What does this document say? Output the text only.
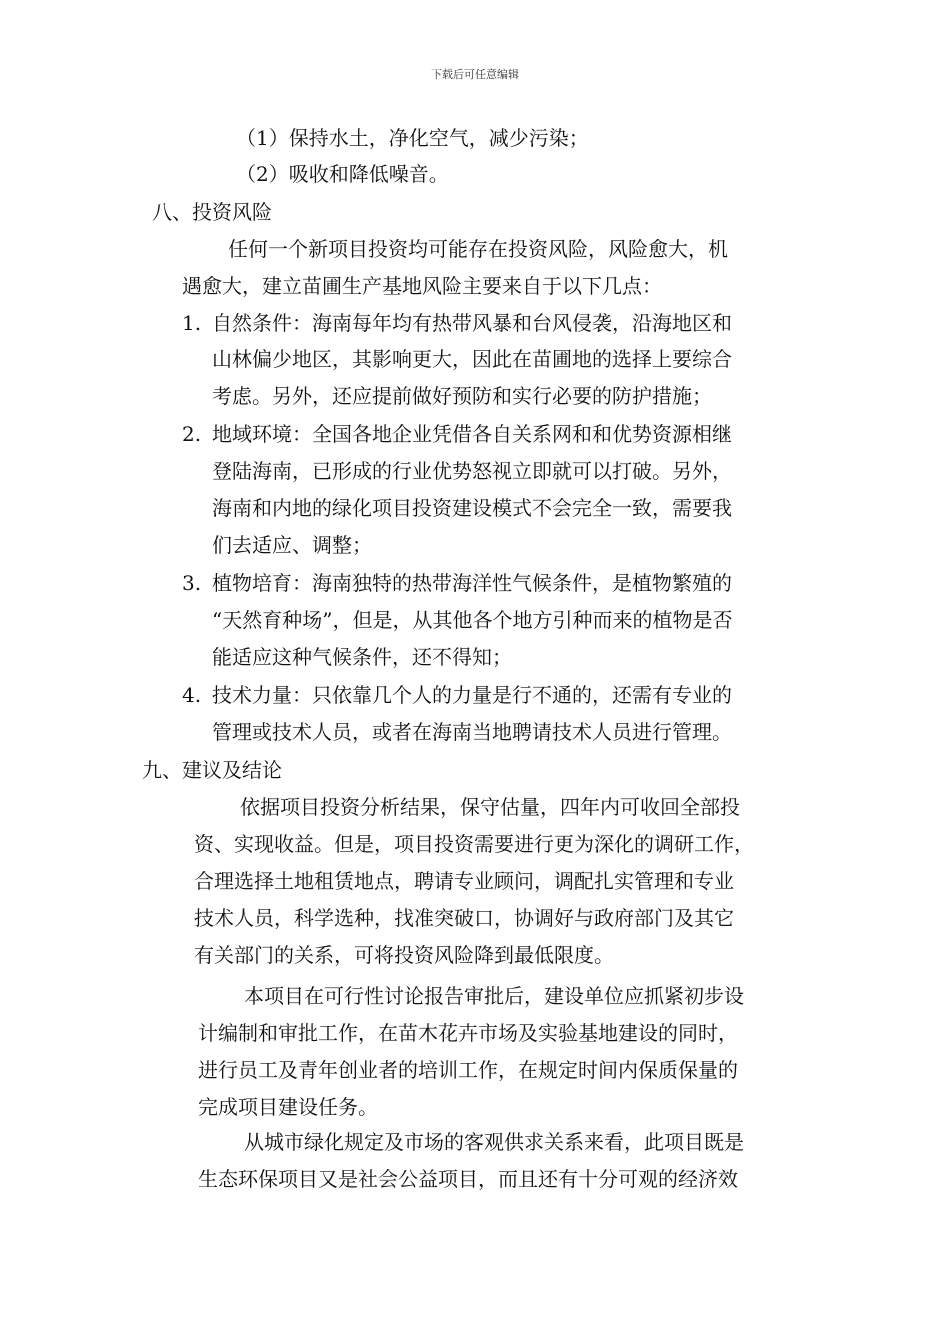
下载后可任意编辑
（1）保持水土，净化空气，减少污染；
（2）吸收和降低噪音。
八、投资风险
任何一个新项目投资均可能存在投资风险，风险愈大，机
遇愈大，建立苗圃生产基地风险主要来自于以下几点：
1. 自然条件：海南每年均有热带风暴和台风侵袭，沿海地区和
山林偏少地区，其影响更大，因此在苗圃地的选择上要综合
考虑。另外，还应提前做好预防和实行必要的防护措施；
2. 地域环境：全国各地企业凭借各自关系网和和优势资源相继
登陆海南，已形成的行业优势怒视立即就可以打破。另外，
海南和内地的绿化项目投资建设模式不会完全一致，需要我
们去适应、调整；
3. 植物培育：海南独特的热带海洋性气候条件，是植物繁殖的
“天然育种场”，但是，从其他各个地方引种而来的植物是否
能适应这种气候条件，还不得知；
4. 技术力量：只依靠几个人的力量是行不通的，还需有专业的
管理或技术人员，或者在海南当地聘请技术人员进行管理。
九、建议及结论
依据项目投资分析结果，保守估量，四年内可收回全部投
资、实现收益。但是，项目投资需要进行更为深化的调研工作，
合理选择土地租赁地点，聘请专业顾问，调配扎实管理和专业
技术人员，科学选种，找准突破口，协调好与政府部门及其它
有关部门的关系，可将投资风险降到最低限度。
本项目在可行性讨论报告审批后，建设单位应抓紧初步设
计编制和审批工作，在苗木花卉市场及实验基地建设的同时，
进行员工及青年创业者的培训工作，在规定时间内保质保量的
完成项目建设任务。
从城市绿化规定及市场的客观供求关系来看，此项目既是
生态环保项目又是社会公益项目，而且还有十分可观的经济效
